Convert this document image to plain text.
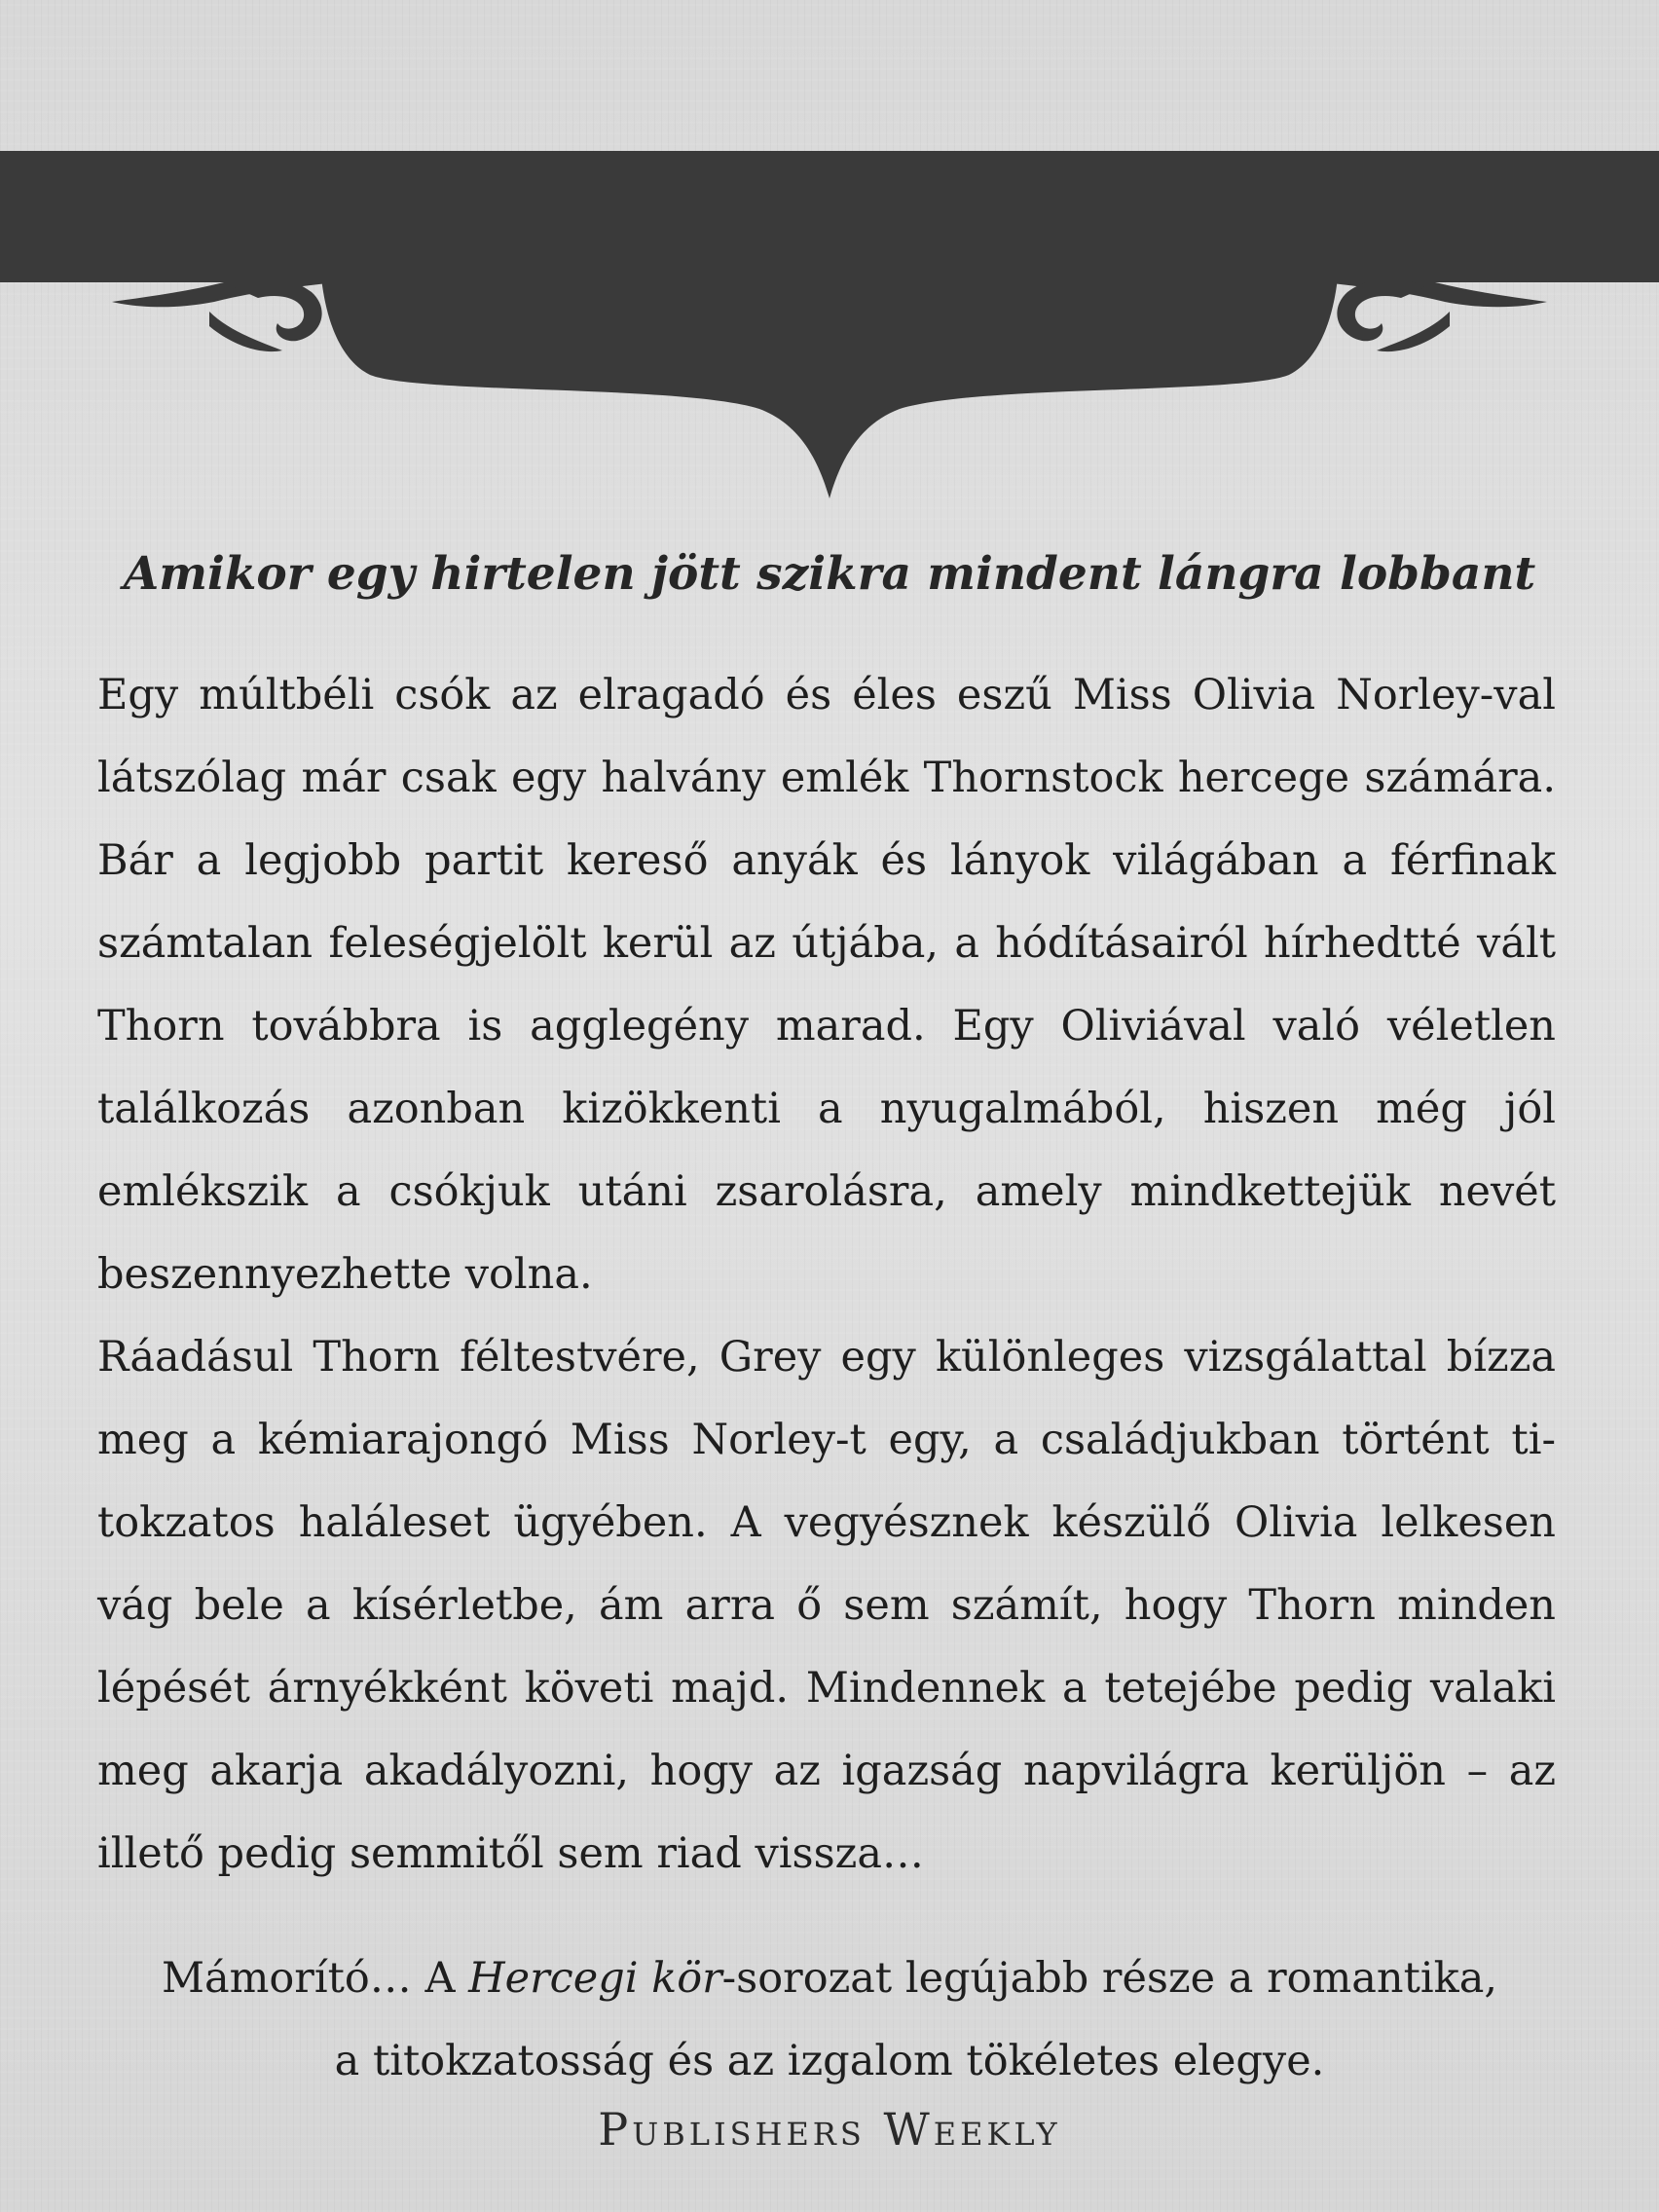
Amikor egy hirtelen jött szikra mindent lángra lobbant

Egy múltbéli csók az elragadó és éles eszű Miss Olivia Norley-val látszólag már csak egy halvány emlék Thornstock hercege számára. Bár a legjobb partit kereső anyák és lányok világában a férfinak számtalan feleségjelölt kerül az útjába, a hódításairól hírhedtté vált Thorn továbbra is agglegény marad. Egy Oliviával való véletlen találkozás azonban kizökkenti a nyugalmából, hiszen még jól emlékszik a csókjuk utáni zsarolásra, amely mindkettejük nevét beszennyezhette volna.

Ráadásul Thorn féltestvére, Grey egy különleges vizsgálattal bízza meg a kémiarajongó Miss Norley-t egy, a családjukban történt titokzatos haláleset ügyében. A vegyésznek készülő Olivia lelkesen vág bele a kísérletbe, ám arra ő sem számít, hogy Thorn minden lépését árnyékként követi majd. Mindennek a tetejébe pedig valaki meg akarja akadályozni, hogy az igazság napvilágra kerüljön – az illető pedig semmitől sem riad vissza…

Mámorító… A Hercegi kör-sorozat legújabb része a romantika,

a titokzatosság és az izgalom tökéletes elegye.

Publishers Weekly
